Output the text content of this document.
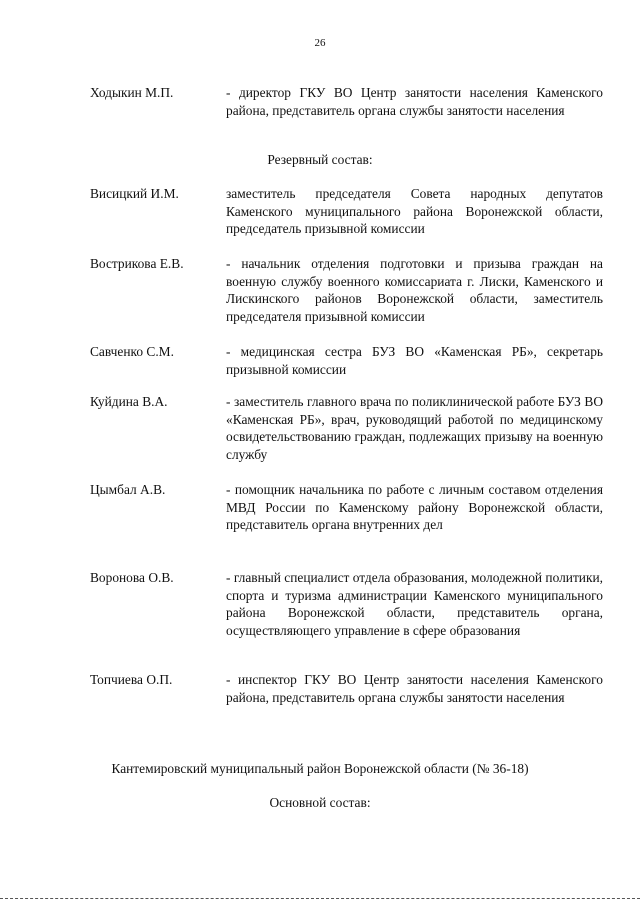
26
Ходыкин М.П.	- директор ГКУ ВО Центр занятости населения Каменского района, представитель органа службы занятости населения
Резервный состав:
Висицкий И.М.	заместитель председателя Совета народных депутатов Каменского муниципального района Воронежской области, председатель призывной комиссии
Вострикова Е.В.	- начальник отделения подготовки и призыва граждан на военную службу военного комиссариата г. Лиски, Каменского и Лискинского районов Воронежской области, заместитель председателя призывной комиссии
Савченко С.М.	- медицинская сестра БУЗ ВО «Каменская РБ», секретарь призывной комиссии
Куйдина В.А.	- заместитель главного врача по поликлинической работе БУЗ ВО «Каменская РБ», врач, руководящий работой по медицинскому освидетельствованию граждан, подлежащих призыву на военную службу
Цымбал А.В.	- помощник начальника по работе с личным составом отделения МВД России по Каменскому району Воронежской области, представитель органа внутренних дел
Воронова О.В.	- главный специалист отдела образования, молодежной политики, спорта и туризма администрации Каменского муниципального района Воронежской области, представитель органа, осуществляющего управление в сфере образования
Топчиева О.П.	- инспектор ГКУ ВО Центр занятости населения Каменского района, представитель органа службы занятости населения
Кантемировский муниципальный район Воронежской области (№ 36-18)
Основной состав:
